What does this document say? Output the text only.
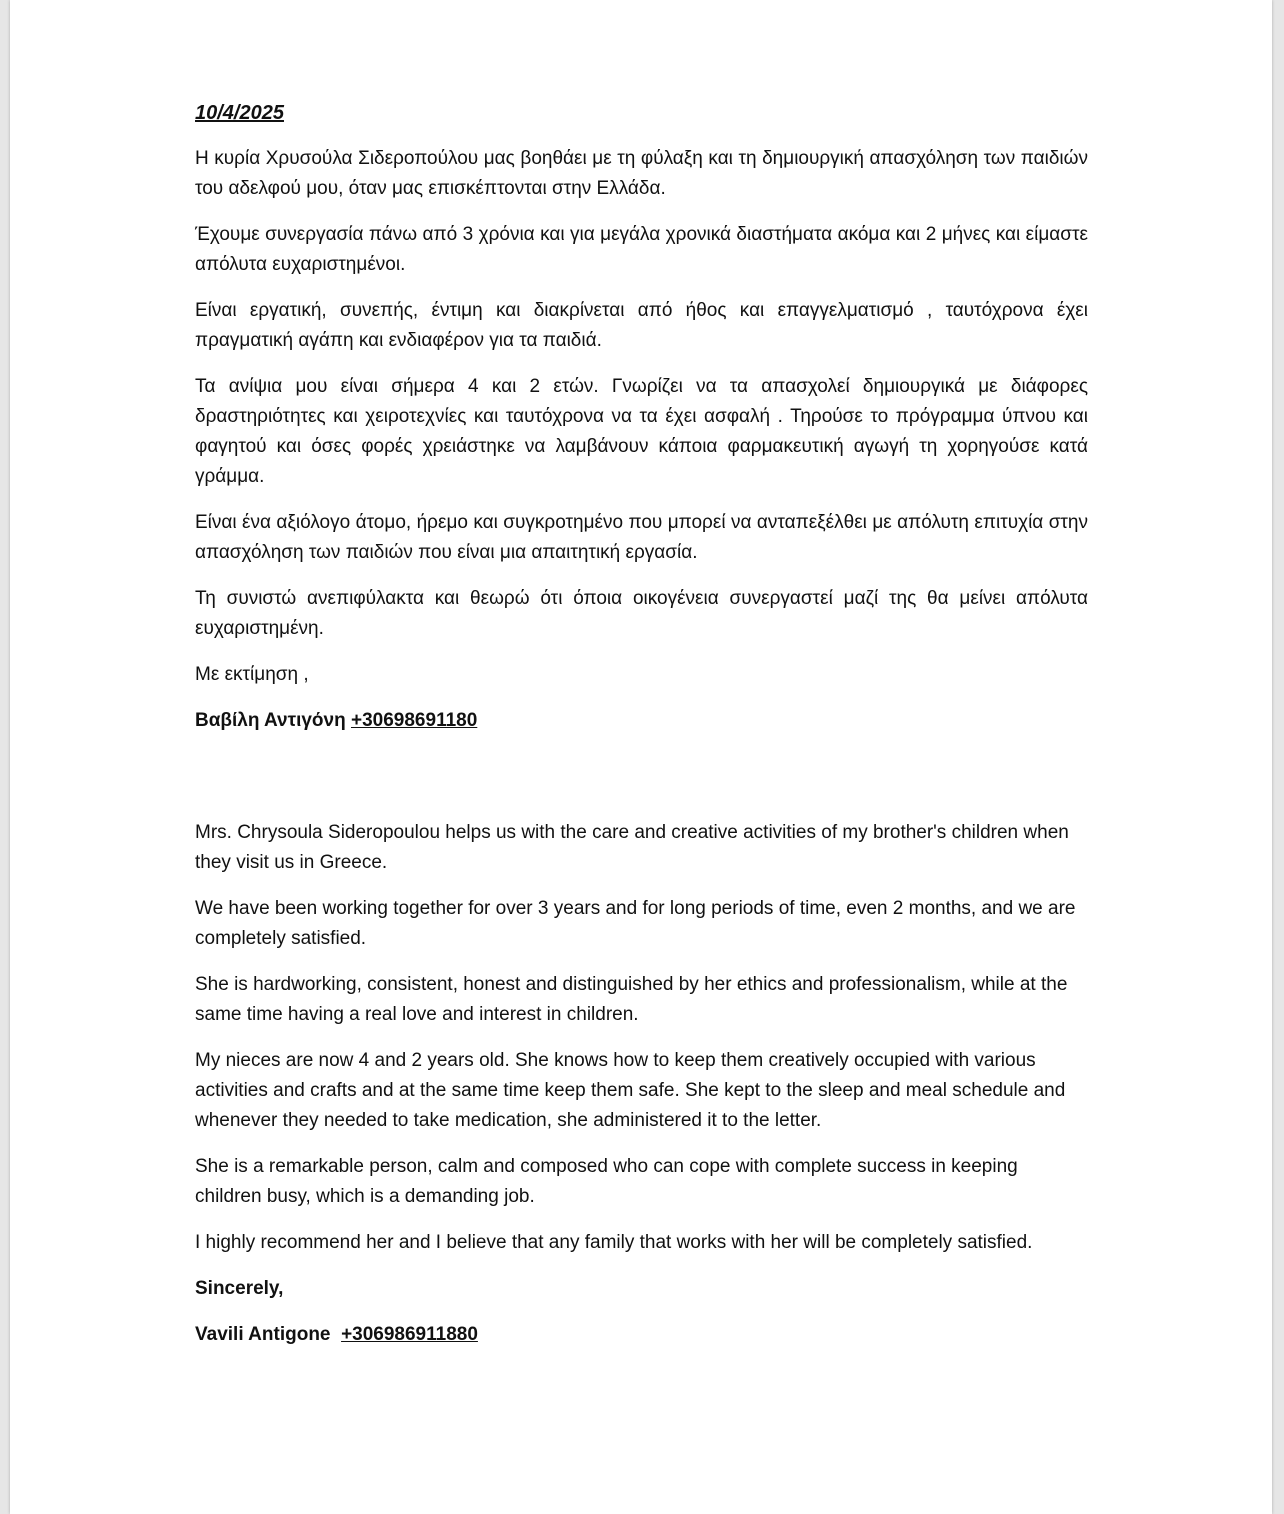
10/4/2025

Η κυρία Χρυσούλα Σιδεροπούλου μας βοηθάει με τη φύλαξη και τη δημιουργική απασχόληση των παιδιών του αδελφού μου, όταν μας επισκέπτονται στην Ελλάδα.

Έχουμε συνεργασία πάνω από 3 χρόνια και για μεγάλα χρονικά διαστήματα ακόμα και 2 μήνες και είμαστε απόλυτα ευχαριστημένοι.

Είναι εργατική, συνεπής, έντιμη και διακρίνεται από ήθος και επαγγελματισμό , ταυτόχρονα έχει πραγματική αγάπη και ενδιαφέρον για τα παιδιά.

Τα ανίψια μου είναι σήμερα 4 και 2 ετών. Γνωρίζει να τα απασχολεί δημιουργικά με διάφορες δραστηριότητες και χειροτεχνίες και ταυτόχρονα να τα έχει ασφαλή . Τηρούσε το πρόγραμμα ύπνου και φαγητού και όσες φορές χρειάστηκε να λαμβάνουν κάποια φαρμακευτική αγωγή τη χορηγούσε κατά γράμμα.

Είναι ένα αξιόλογο άτομο, ήρεμο και συγκροτημένο που μπορεί να ανταπεξέλθει με απόλυτη επιτυχία στην απασχόληση των παιδιών που είναι μια απαιτητική εργασία.

Τη συνιστώ ανεπιφύλακτα και θεωρώ ότι όποια οικογένεια συνεργαστεί μαζί της θα μείνει απόλυτα ευχαριστημένη.

Με εκτίμηση ,

Βαβίλη Αντιγόνη +30698691180

Mrs. Chrysoula Sideropoulou helps us with the care and creative activities of my brother's children when they visit us in Greece.

We have been working together for over 3 years and for long periods of time, even 2 months, and we are completely satisfied.

She is hardworking, consistent, honest and distinguished by her ethics and professionalism, while at the same time having a real love and interest in children.

My nieces are now 4 and 2 years old. She knows how to keep them creatively occupied with various activities and crafts and at the same time keep them safe. She kept to the sleep and meal schedule and whenever they needed to take medication, she administered it to the letter.

She is a remarkable person, calm and composed who can cope with complete success in keeping children busy, which is a demanding job.

I highly recommend her and I believe that any family that works with her will be completely satisfied.

Sincerely,

Vavili Antigone +306986911880
